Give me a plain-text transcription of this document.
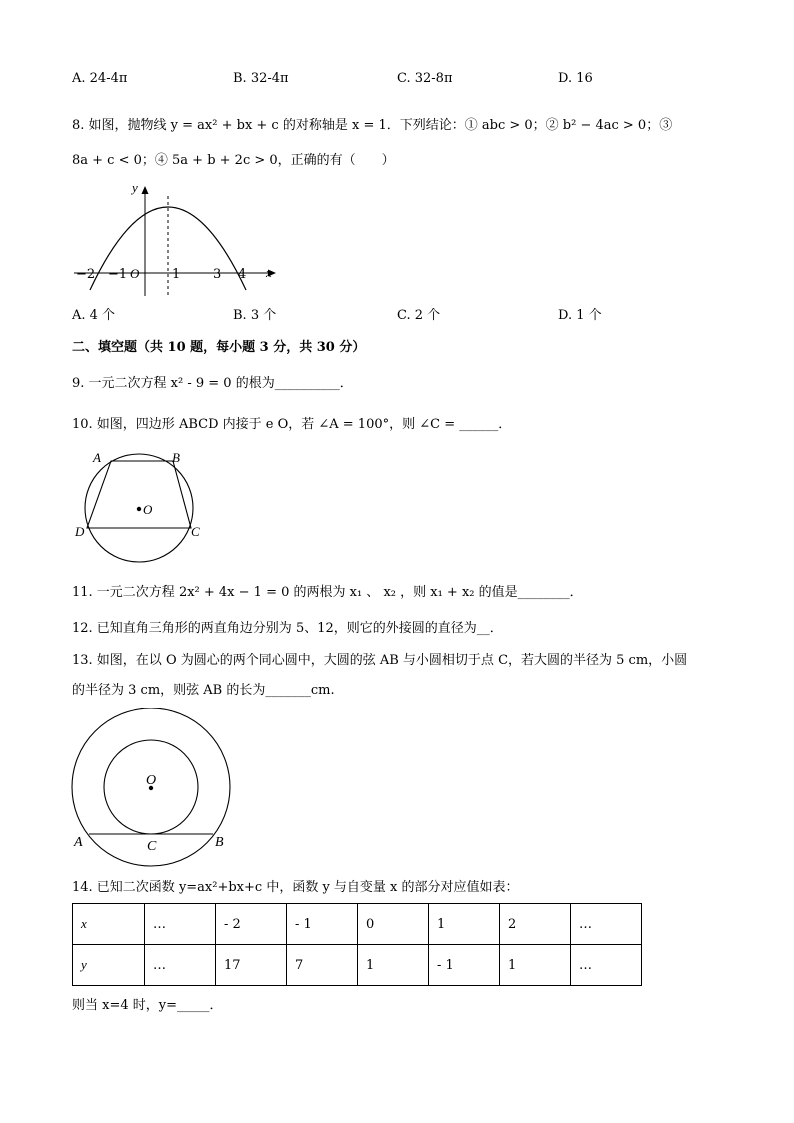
A. 24-4π	B. 32-4π	C. 32-8π	D. 16
8. 如图，抛物线 y = ax² + bx + c 的对称轴是 x = 1．下列结论：① abc > 0；② b² − 4ac > 0；③
8a + c < 0；④ 5a + b + 2c > 0，正确的有（　　）
y
x
O
−2 −1	1	3 4
A. 4 个	B. 3 个	C. 2 个	D. 1 个
二、填空题（共 10 题，每小题 3 分，共 30 分）
9. 一元二次方程 x² - 9 = 0 的根为__________．
10. 如图，四边形 ABCD 内接于 e O，若 ∠A = 100°，则 ∠C = ______．
O
A	B
C
D
11. 一元二次方程 2x² + 4x − 1 = 0 的两根为 x₁ 、 x₂ ，则 x₁ + x₂ 的值是________．
12. 已知直角三角形的两直角边分别为 5、12，则它的外接圆的直径为__．
13. 如图，在以 O 为圆心的两个同心圆中，大圆的弦 AB 与小圆相切于点 C，若大圆的半径为 5 cm，小圆
的半径为 3 cm，则弦 AB 的长为_______cm.
O
A	B
C
14. 已知二次函数 y=ax²+bx+c 中，函数 y 与自变量 x 的部分对应值如表：
x	…	- 2	- 1	0	1	2	…
y	…	17	7	1	- 1	1	…
则当 x=4 时，y=_____．
